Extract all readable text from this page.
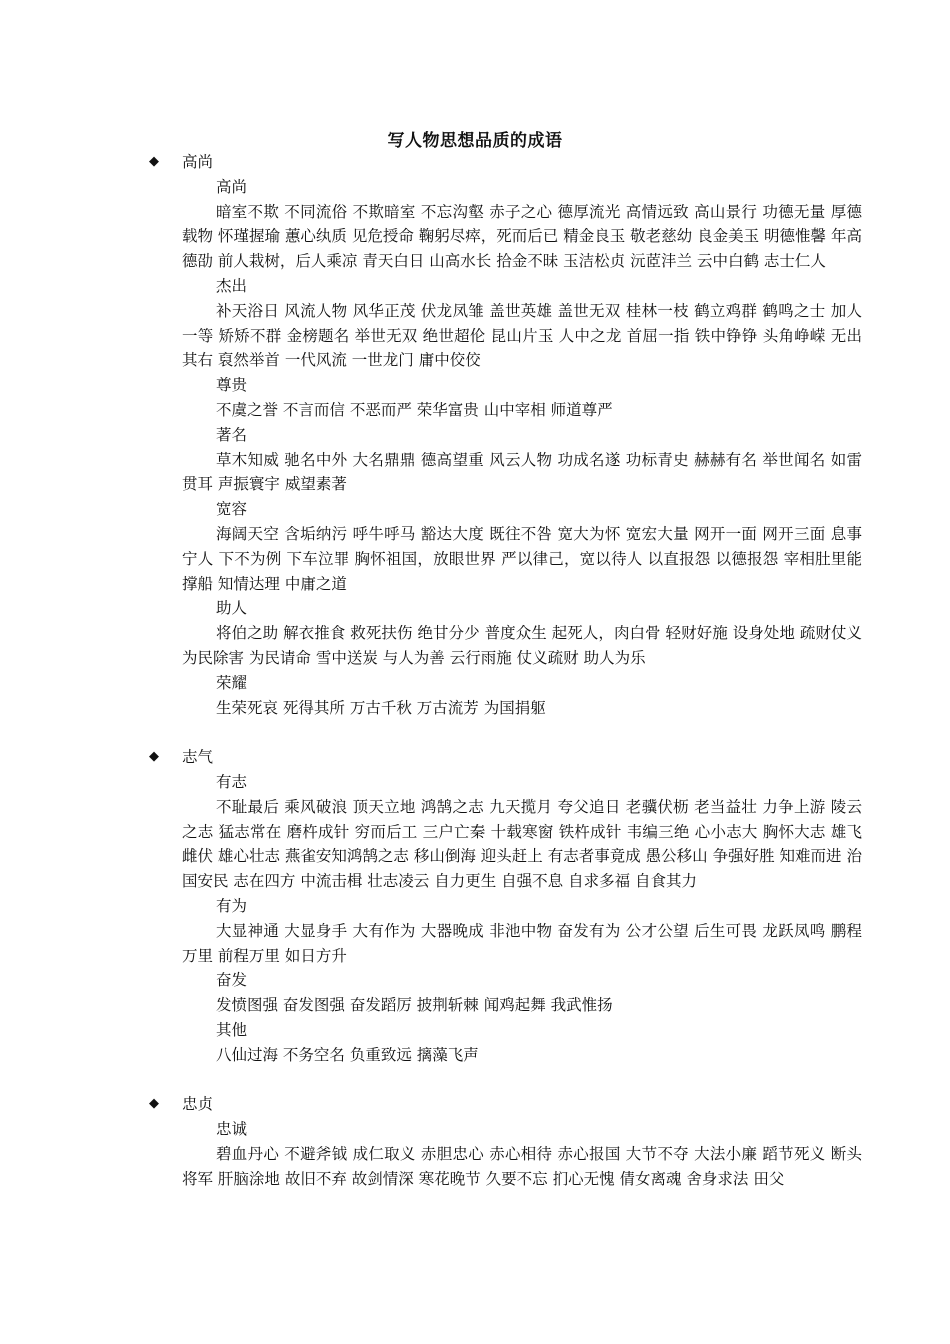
写人物思想品质的成语
◆ 高尚
高尚
暗室不欺 不同流俗 不欺暗室 不忘沟壑 赤子之心 德厚流光 高情远致 高山景行 功德无量 厚德载物 怀瑾握瑜 蕙心纨质 见危授命 鞠躬尽瘁，死而后已 精金良玉 敬老慈幼 良金美玉 明德惟馨 年高德劭 前人栽树，后人乘凉 青天白日 山高水长 拾金不昧 玉洁松贞 沅茝沣兰 云中白鹤 志士仁人
杰出
补天浴日 风流人物 风华正茂 伏龙凤雏 盖世英雄 盖世无双 桂林一枝 鹤立鸡群 鹤鸣之士 加人一等 矫矫不群 金榜题名 举世无双 绝世超伦 昆山片玉 人中之龙 首屈一指 铁中铮铮 头角峥嵘 无出其右 裒然举首 一代风流 一世龙门 庸中佼佼
尊贵
不虞之誉 不言而信 不恶而严 荣华富贵 山中宰相 师道尊严
著名
草木知威 驰名中外 大名鼎鼎 德高望重 风云人物 功成名遂 功标青史 赫赫有名 举世闻名 如雷贯耳 声振寰宇 威望素著
宽容
海阔天空 含垢纳污 呼牛呼马 豁达大度 既往不咎 宽大为怀 宽宏大量 网开一面 网开三面 息事宁人 下不为例 下车泣罪 胸怀祖国，放眼世界 严以律己，宽以待人 以直报怨 以德报怨 宰相肚里能撑船 知情达理 中庸之道
助人
将伯之助 解衣推食 救死扶伤 绝甘分少 普度众生 起死人，肉白骨 轻财好施 设身处地 疏财仗义 为民除害 为民请命 雪中送炭 与人为善 云行雨施 仗义疏财 助人为乐
荣耀
生荣死哀 死得其所 万古千秋 万古流芳 为国捐躯
◆ 志气
有志
不耻最后 乘风破浪 顶天立地 鸿鹄之志 九天揽月 夸父追日 老骥伏枥 老当益壮 力争上游 陵云之志 猛志常在 磨杵成针 穷而后工 三户亡秦 十载寒窗 铁杵成针 韦编三绝 心小志大 胸怀大志 雄飞雌伏 雄心壮志 燕雀安知鸿鹄之志 移山倒海 迎头赶上 有志者事竟成 愚公移山 争强好胜 知难而进 治国安民 志在四方 中流击楫 壮志凌云 自力更生 自强不息 自求多福 自食其力
有为
大显神通 大显身手 大有作为 大器晚成 非池中物 奋发有为 公才公望 后生可畏 龙跃凤鸣 鹏程万里 前程万里 如日方升
奋发
发愤图强 奋发图强 奋发蹈厉 披荆斩棘 闻鸡起舞 我武惟扬
其他
八仙过海 不务空名 负重致远 摛藻飞声
◆ 忠贞
忠诚
碧血丹心 不避斧钺 成仁取义 赤胆忠心 赤心相待 赤心报国 大节不夺 大法小廉 蹈节死义 断头将军 肝脑涂地 故旧不弃 故剑情深 寒花晚节 久要不忘 扪心无愧 倩女离魂 舍身求法 田父
